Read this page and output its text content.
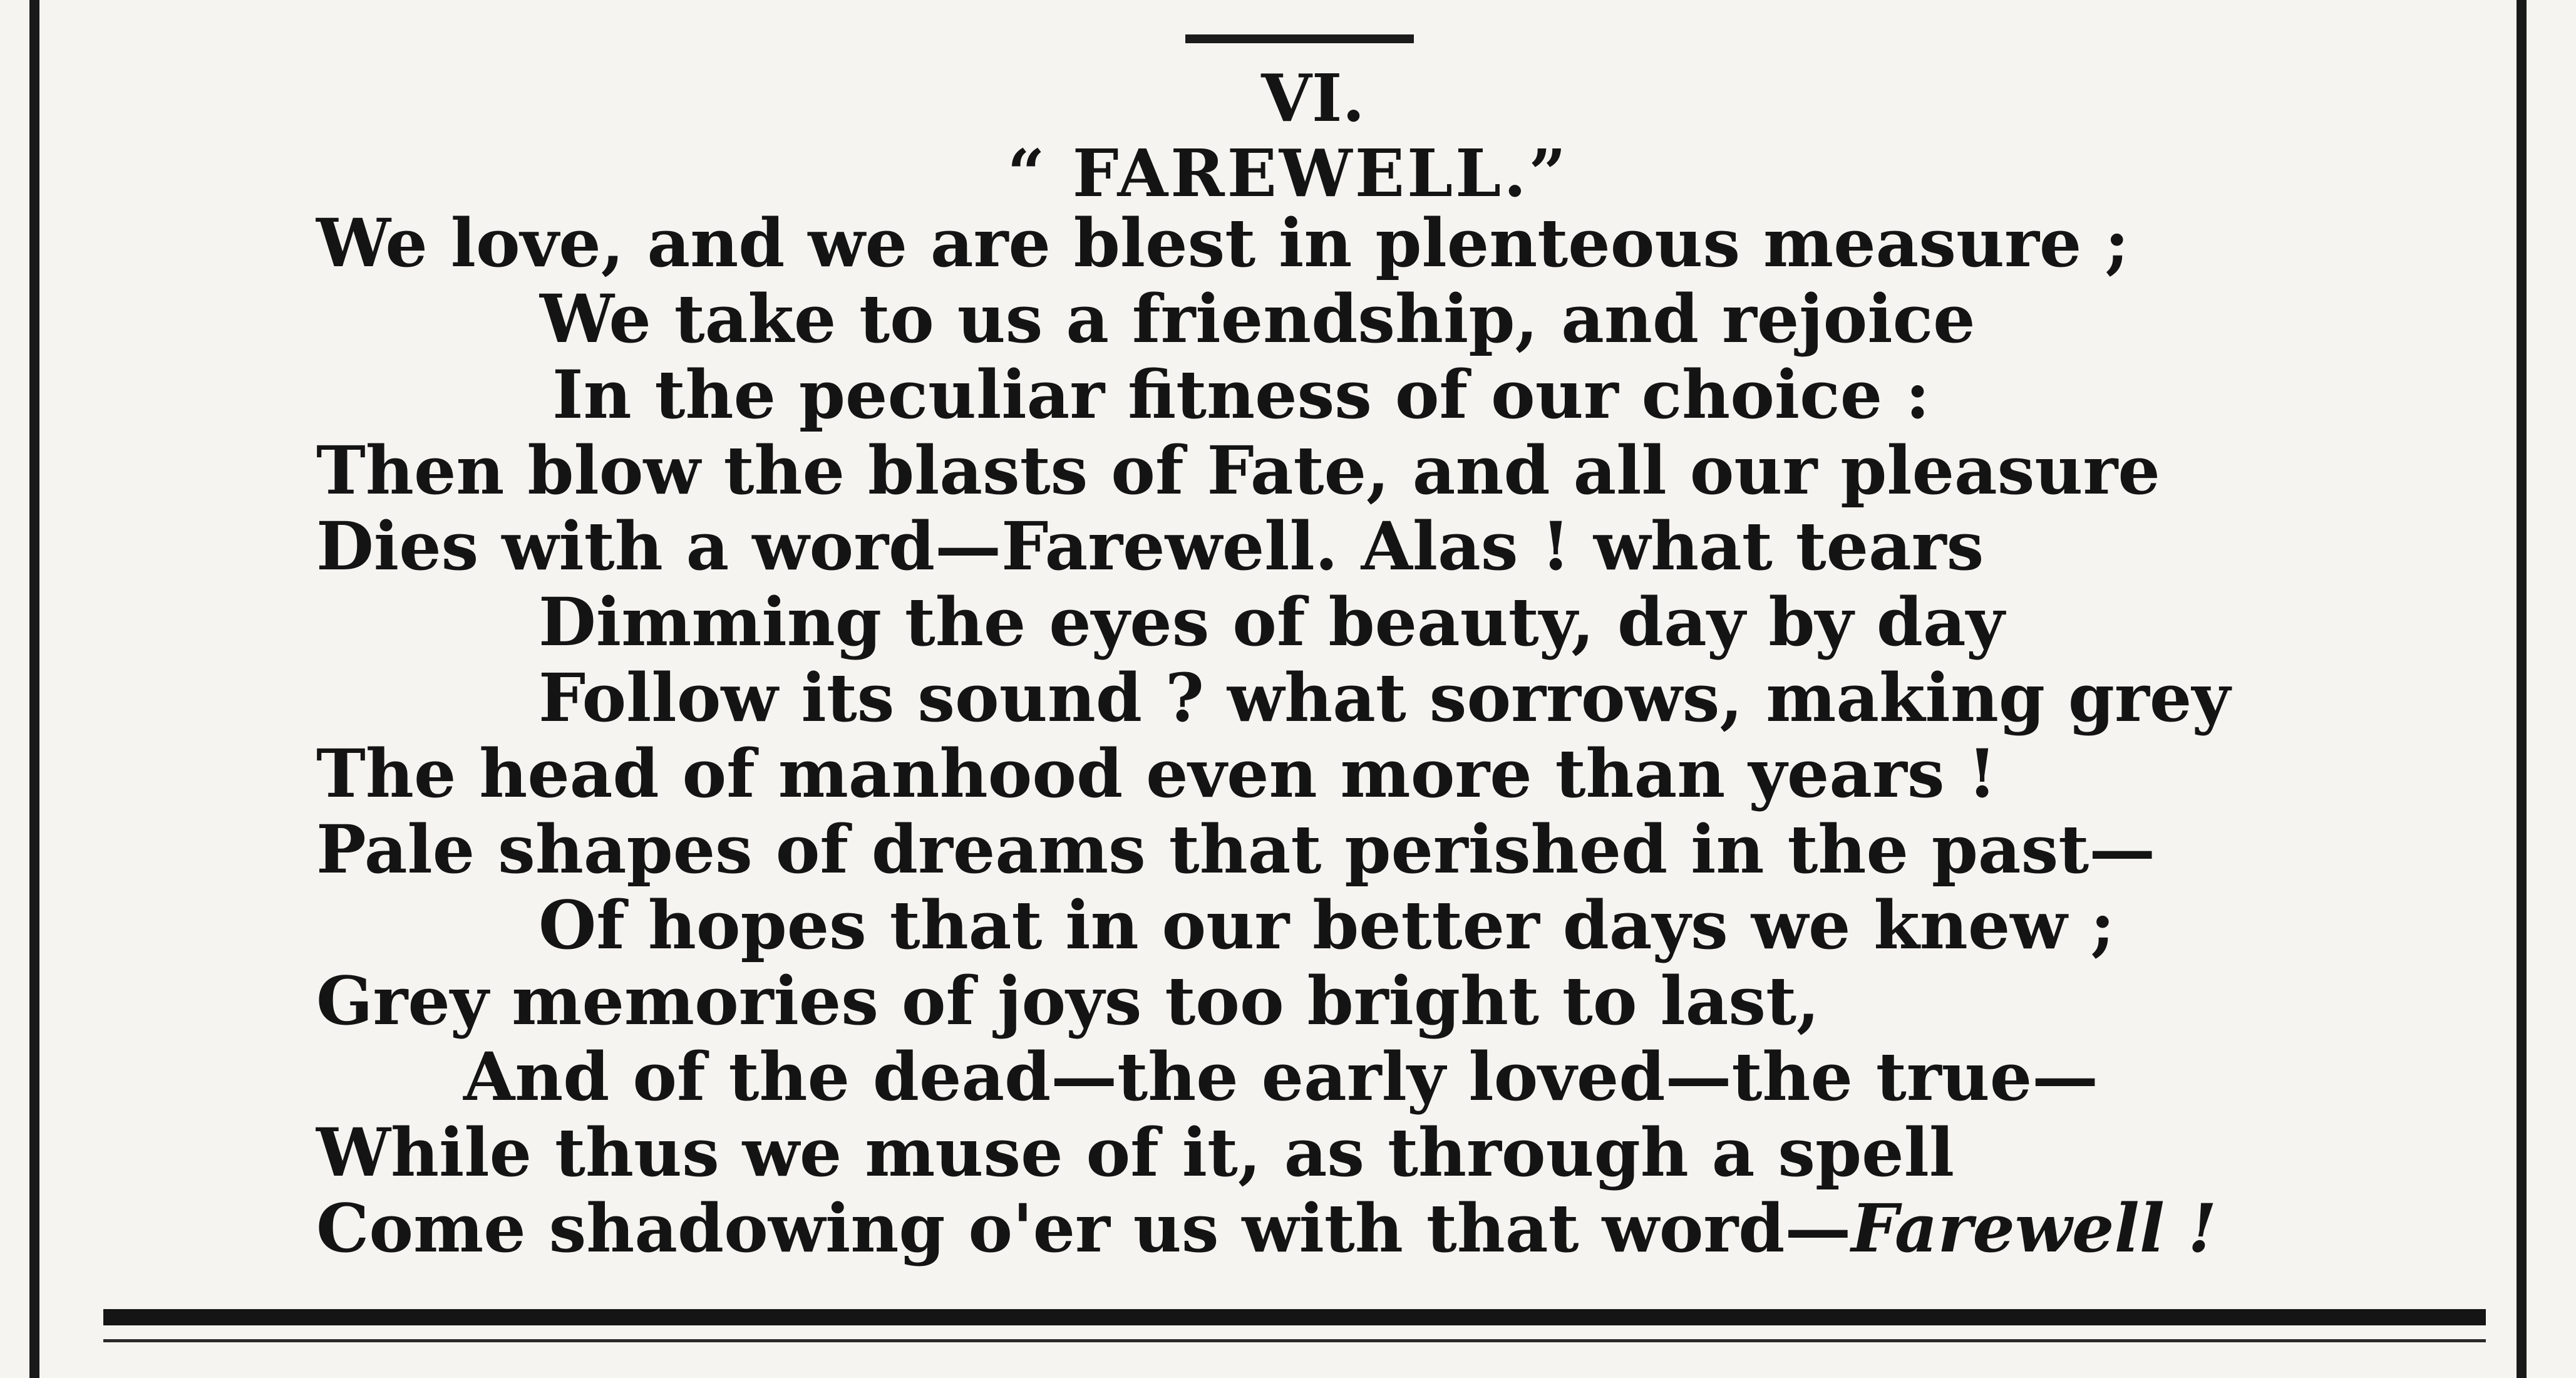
VI.
“ FAREWELL.”
We love, and we are blest in plenteous measure ;
We take to us a friendship, and rejoice
In the peculiar fitness of our choice :
Then blow the blasts of Fate, and all our pleasure
Dies with a word—Farewell. Alas ! what tears
Dimming the eyes of beauty, day by day
Follow its sound ? what sorrows, making grey
The head of manhood even more than years !
Pale shapes of dreams that perished in the past—
Of hopes that in our better days we knew ;
Grey memories of joys too bright to last,
And of the dead—the early loved—the true—
While thus we muse of it, as through a spell
Come shadowing o'er us with that word—Farewell !
